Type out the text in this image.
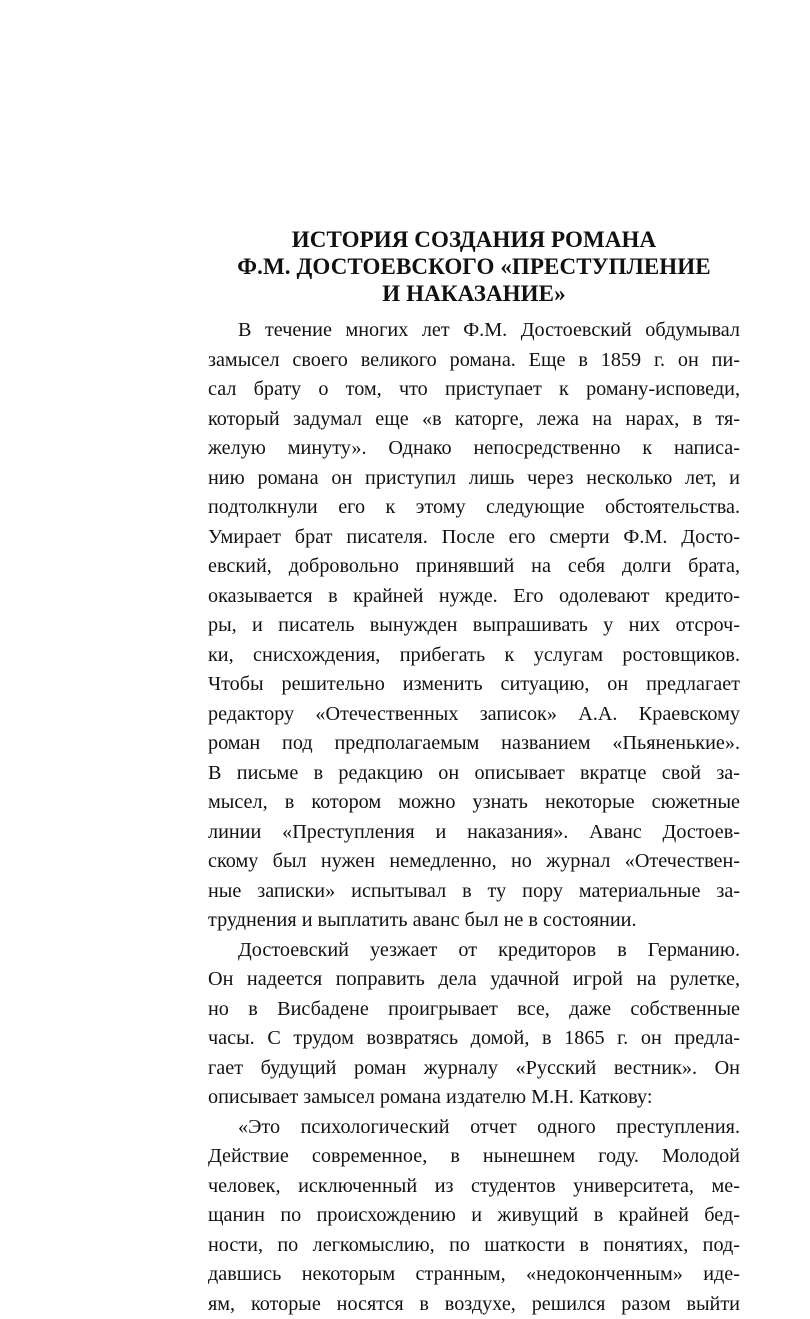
ИСТОРИЯ СОЗДАНИЯ РОМАНА
Ф.М. ДОСТОЕВСКОГО «ПРЕСТУПЛЕНИЕ
И НАКАЗАНИЕ»
В течение многих лет Ф.М. Достоевский обдумывал
замысел своего великого романа. Еще в 1859 г. он пи-
сал брату о том, что приступает к роману-исповеди,
который задумал еще «в каторге, лежа на нарах, в тя-
желую минуту». Однако непосредственно к написа-
нию романа он приступил лишь через несколько лет, и
подтолкнули его к этому следующие обстоятельства.
Умирает брат писателя. После его смерти Ф.М. Досто-
евский, добровольно принявший на себя долги брата,
оказывается в крайней нужде. Его одолевают кредито-
ры, и писатель вынужден выпрашивать у них отсроч-
ки, снисхождения, прибегать к услугам ростовщиков.
Чтобы решительно изменить ситуацию, он предлагает
редактору «Отечественных записок» А.А. Краевскому
роман под предполагаемым названием «Пьяненькие».
В письме в редакцию он описывает вкратце свой за-
мысел, в котором можно узнать некоторые сюжетные
линии «Преступления и наказания». Аванс Достоев-
скому был нужен немедленно, но журнал «Отечествен-
ные записки» испытывал в ту пору материальные за-
труднения и выплатить аванс был не в состоянии.
Достоевский уезжает от кредиторов в Германию.
Он надеется поправить дела удачной игрой на рулетке,
но в Висбадене проигрывает все, даже собственные
часы. С трудом возвратясь домой, в 1865 г. он предла-
гает будущий роман журналу «Русский вестник». Он
описывает замысел романа издателю М.Н. Каткову:
«Это психологический отчет одного преступления.
Действие современное, в нынешнем году. Молодой
человек, исключенный из студентов университета, ме-
щанин по происхождению и живущий в крайней бед-
ности, по легкомыслию, по шаткости в понятиях, под-
давшись некоторым странным, «недоконченным» иде-
ям, которые носятся в воздухе, решился разом выйти
